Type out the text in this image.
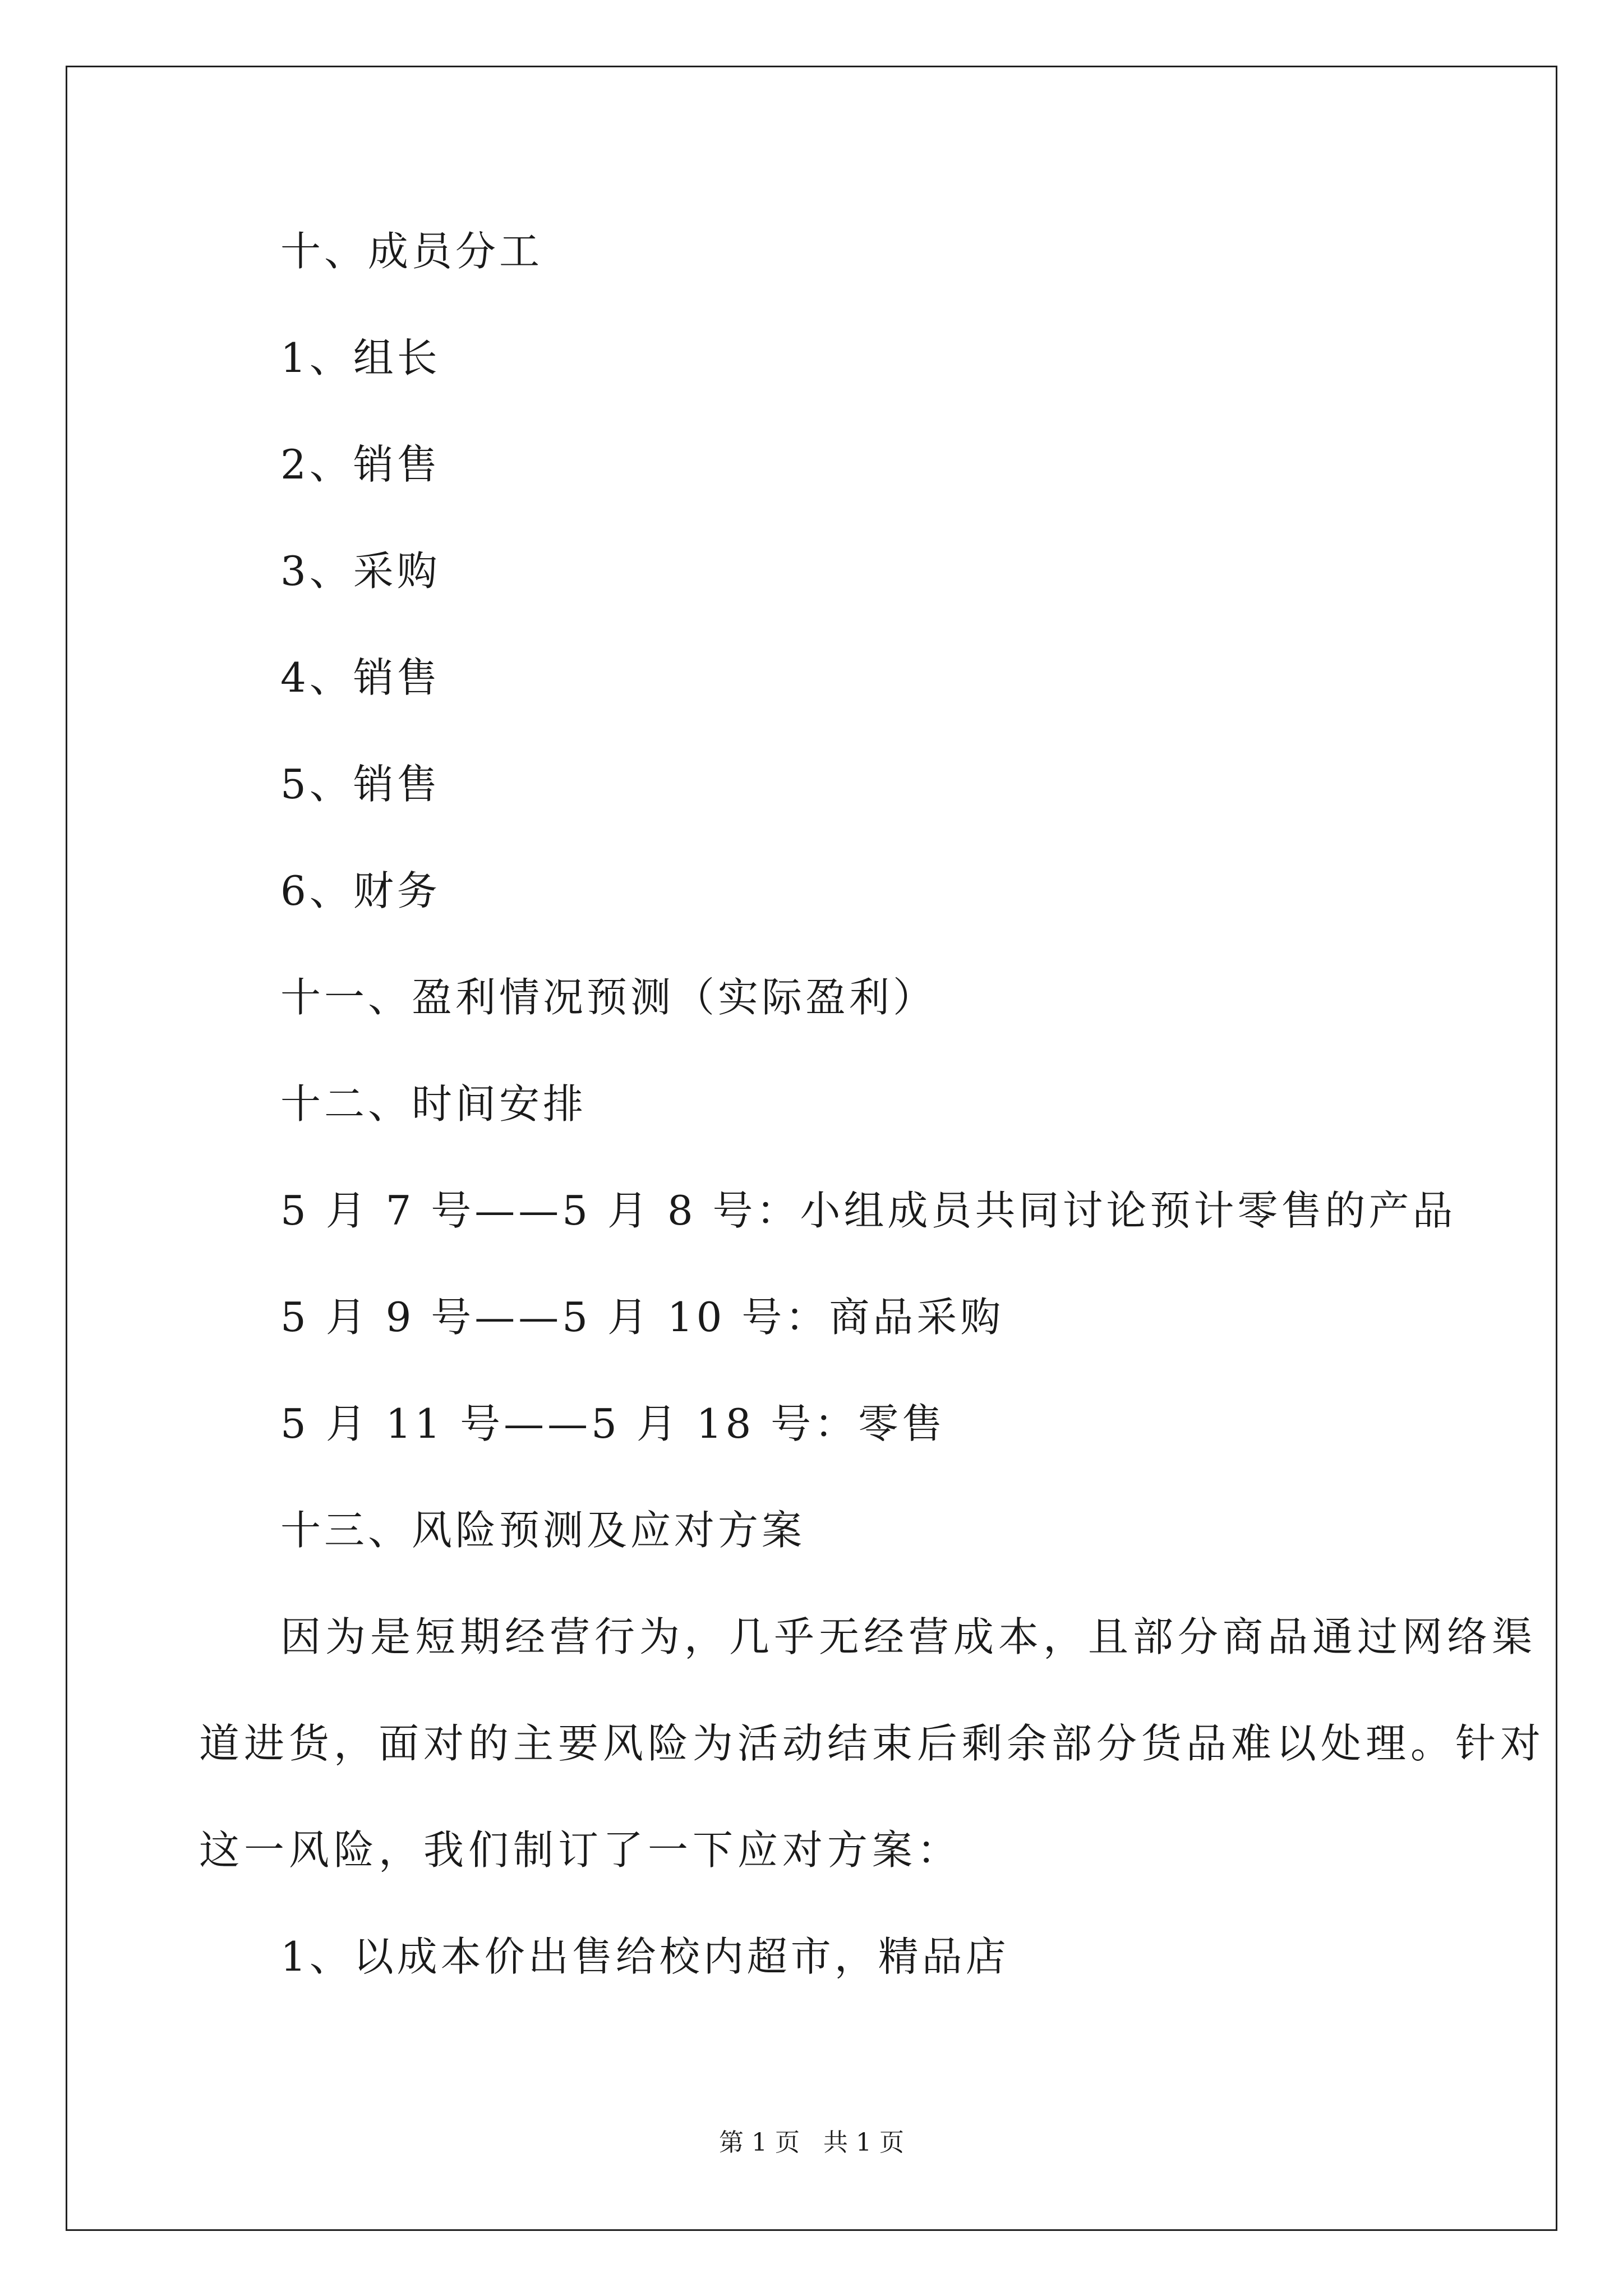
十、成员分工
1、组长
2、销售
3、采购
4、销售
5、销售
6、财务
十一、盈利情况预测（实际盈利）
十二、时间安排
5 月 7 号——5 月 8 号：小组成员共同讨论预计零售的产品
5 月 9 号——5 月 10 号：商品采购
5 月 11 号——5 月 18 号：零售
十三、风险预测及应对方案
因为是短期经营行为，几乎无经营成本，且部分商品通过网络渠
道进货，面对的主要风险为活动结束后剩余部分货品难以处理。针对
这一风险，我们制订了一下应对方案：
1、以成本价出售给校内超市，精品店
第 1 页   共 1 页
